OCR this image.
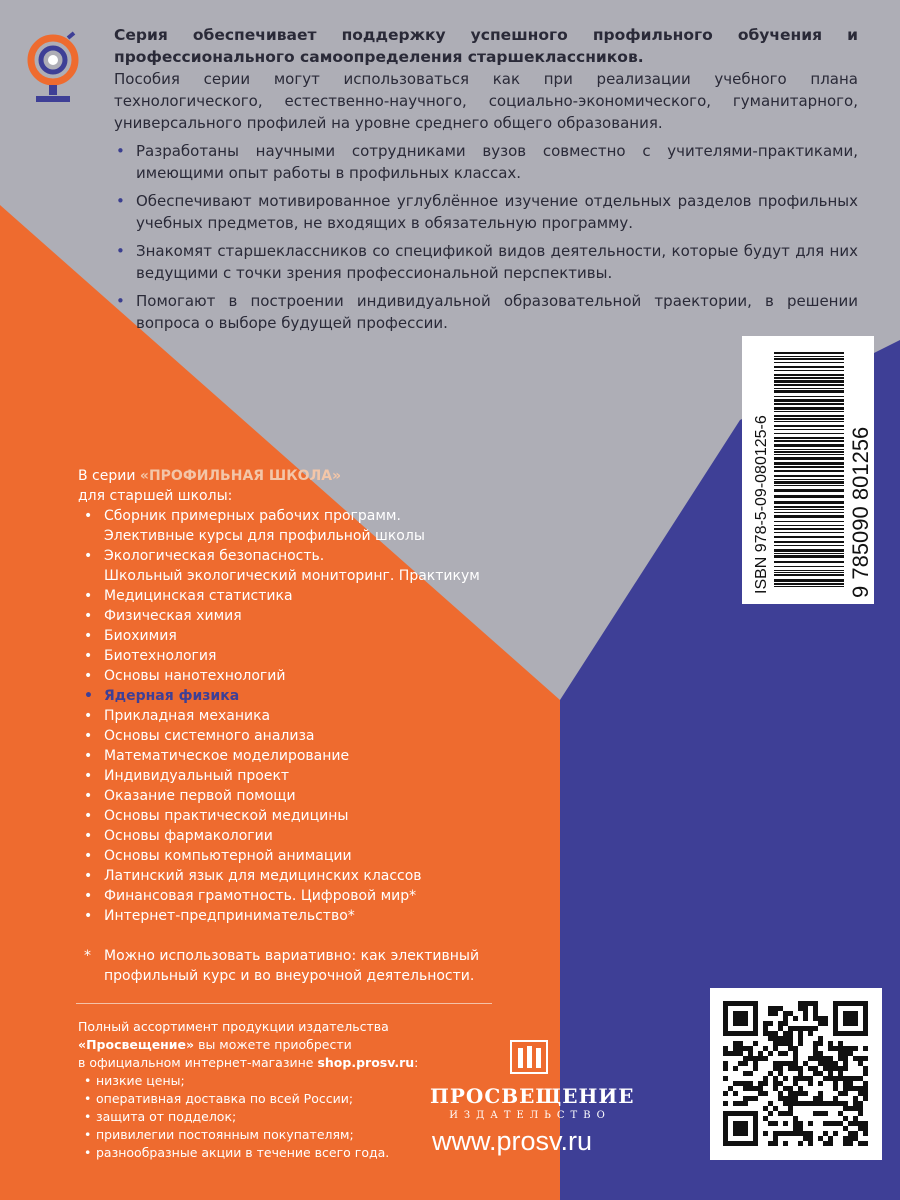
Серия обеспечивает поддержку успешного профильного обучения и профессионального самоопределения старшеклассников.

Пособия серии могут использоваться как при реализации учебного плана технологического, естественно-научного, социально-экономического, гуманитарного, универсального профилей на уровне среднего общего образования.

• Разработаны научными сотрудниками вузов совместно с учителями-практиками, имеющими опыт работы в профильных классах.
• Обеспечивают мотивированное углублённое изучение отдельных разделов профильных учебных предметов, не входящих в обязательную программу.
• Знакомят старшеклассников со спецификой видов деятельности, которые будут для них ведущими с точки зрения профессиональной перспективы.
• Помогают в построении индивидуальной образовательной траектории, в решении вопроса о выборе будущей профессии.
ISBN 978-5-09-080125-6	9 785090 801256

В серии «ПРОФИЛЬНАЯ ШКОЛА»

для старшей школы:

• Сборник примерных рабочих программ.
Элективные курсы для профильной школы
• Экологическая безопасность.
Школьный экологический мониторинг. Практикум
• Медицинская статистика
• Физическая химия
• Биохимия
• Биотехнология
• Основы нанотехнологий
• Ядерная физика
• Прикладная механика
• Основы системного анализа
• Математическое моделирование
• Индивидуальный проект
• Оказание первой помощи
• Основы практической медицины
• Основы фармакологии
• Основы компьютерной анимации
• Латинский язык для медицинских классов
• Финансовая грамотность. Цифровой мир*
• Интернет-предпринимательство*
* Можно использовать вариативно: как элективный профильный курс и во внеурочной деятельности.

Полный ассортимент продукции издательства

«Просвещение» вы можете приобрести

в официальном интернет-магазине shop.prosv.ru:

• низкие цены;
• оперативная доставка по всей России;
• защита от подделок;
• привилегии постоянным покупателям;
• разнообразные акции в течение всего года.
ПРОСВЕЩЕНИЕ
ИЗДАТЕЛЬСТВО
www.prosv.ru
